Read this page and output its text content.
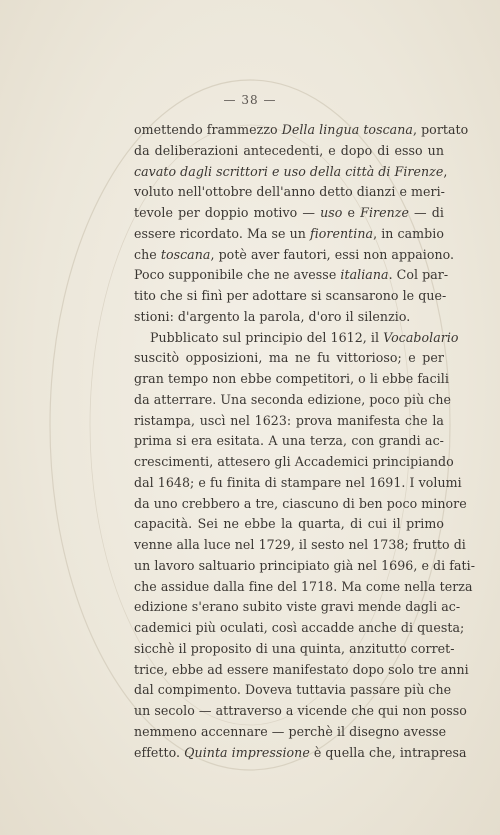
— 38 —
omettendo frammezzo Della lingua toscana, portato
da deliberazioni antecedenti, e dopo di esso un
cavato dagli scrittori e uso della città di Firenze,
voluto nell'ottobre dell'anno detto dianzi e meri-
tevole per doppio motivo — uso e Firenze — di
essere ricordato. Ma se un fiorentina, in cambio
che toscana, potè aver fautori, essi non appaiono.
Poco supponibile che ne avesse italiana. Col par-
tito che si finì per adottare si scansarono le que-
stioni: d'argento la parola, d'oro il silenzio.
Pubblicato sul principio del 1612, il Vocabolario
suscitò opposizioni, ma ne fu vittorioso; e per
gran tempo non ebbe competitori, o li ebbe facili
da atterrare. Una seconda edizione, poco più che
ristampa, uscì nel 1623: prova manifesta che la
prima si era esitata. A una terza, con grandi ac-
crescimenti, attesero gli Accademici principiando
dal 1648; e fu finita di stampare nel 1691. I volumi
da uno crebbero a tre, ciascuno di ben poco minore
capacità. Sei ne ebbe la quarta, di cui il primo
venne alla luce nel 1729, il sesto nel 1738; frutto di
un lavoro saltuario principiato già nel 1696, e di fati-
che assidue dalla fine del 1718. Ma come nella terza
edizione s'erano subito viste gravi mende dagli ac-
cademici più oculati, così accadde anche di questa;
sicchè il proposito di una quinta, anzitutto corret-
trice, ebbe ad essere manifestato dopo solo tre anni
dal compimento. Doveva tuttavia passare più che
un secolo — attraverso a vicende che qui non posso
nemmeno accennare — perchè il disegno avesse
effetto. Quinta impressione è quella che, intrapresa
